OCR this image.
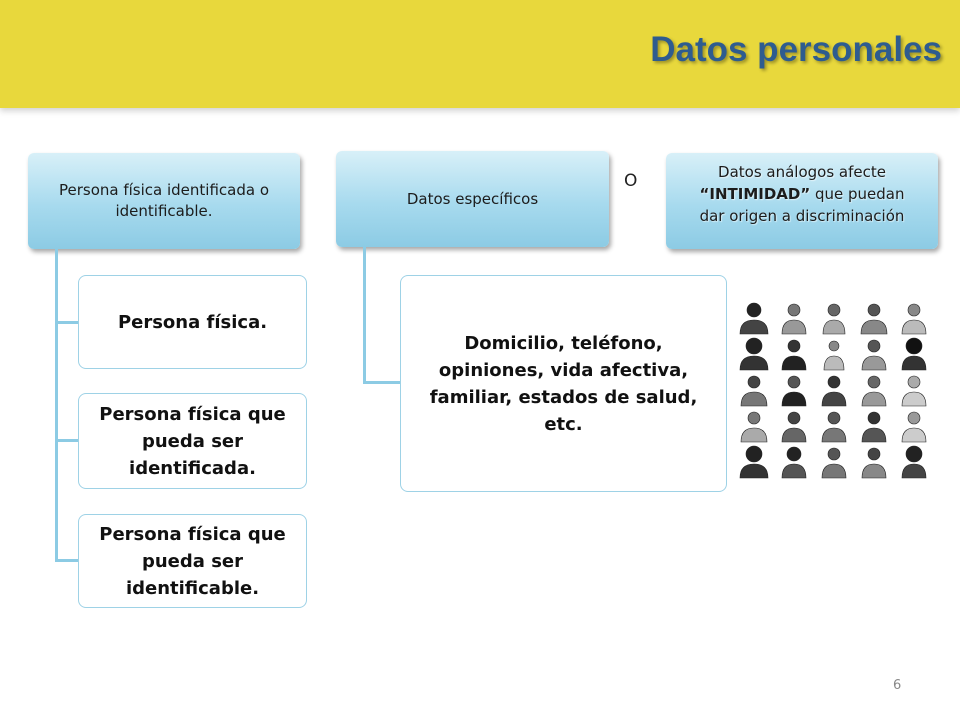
Datos personales
Persona física identificada o identificable.
Persona física.
Persona física que pueda ser identificada.
Persona física que pueda ser identificable.
Datos específicos
Domicilio, teléfono, opiniones, vida afectiva, familiar, estados de salud, etc.
O	Datos análogos afecte
“INTIMIDAD” que puedan
dar origen a discriminación
6
